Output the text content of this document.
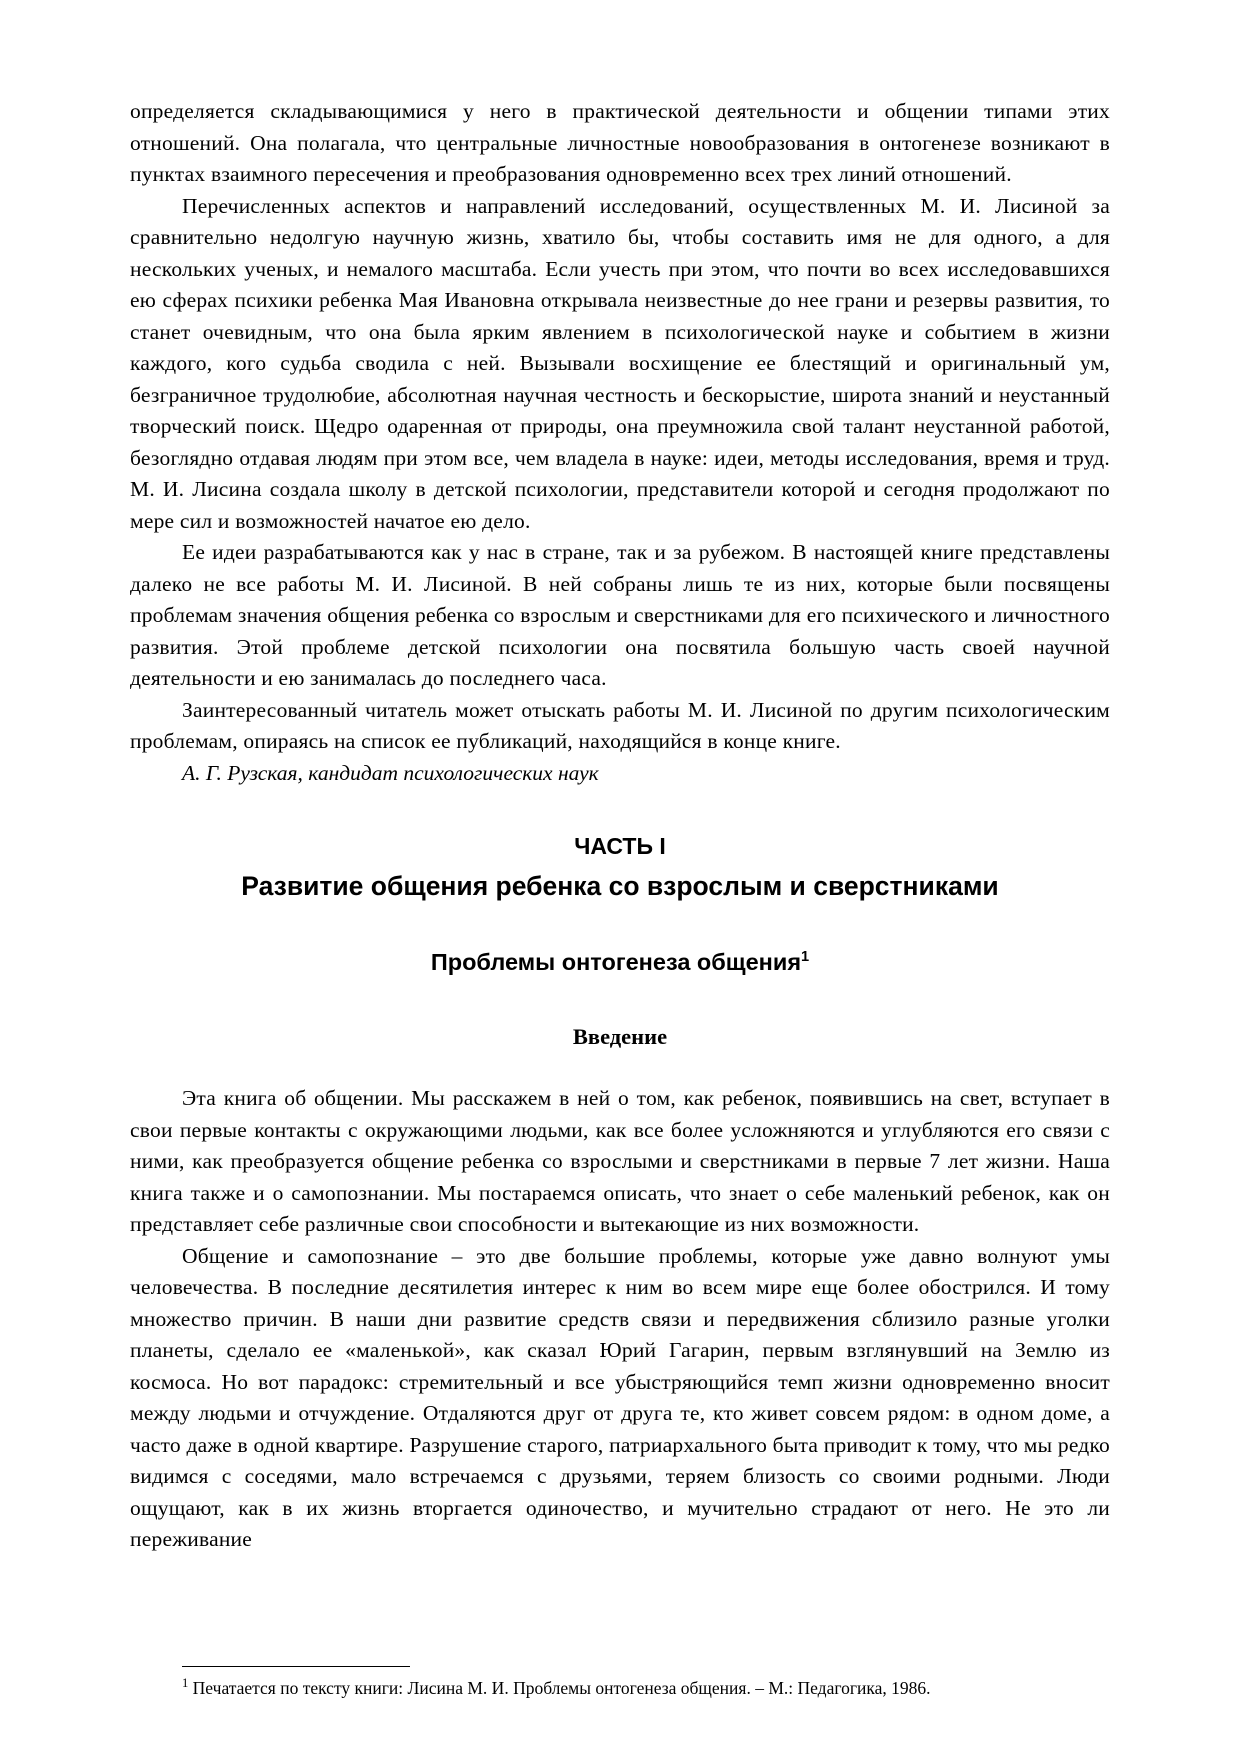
определяется складывающимися у него в практической деятельности и общении типами этих отношений. Она полагала, что центральные личностные новообразования в онтогенезе возникают в пунктах взаимного пересечения и преобразования одновременно всех трех линий отношений.

Перечисленных аспектов и направлений исследований, осуществленных М. И. Лисиной за сравнительно недолгую научную жизнь, хватило бы, чтобы составить имя не для одного, а для нескольких ученых, и немалого масштаба. Если учесть при этом, что почти во всех исследовавшихся ею сферах психики ребенка Мая Ивановна открывала неизвестные до нее грани и резервы развития, то станет очевидным, что она была ярким явлением в психологической науке и событием в жизни каждого, кого судьба сводила с ней. Вызывали восхищение ее блестящий и оригинальный ум, безграничное трудолюбие, абсолютная научная честность и бескорыстие, широта знаний и неустанный творческий поиск. Щедро одаренная от природы, она преумножила свой талант неустанной работой, безоглядно отдавая людям при этом все, чем владела в науке: идеи, методы исследования, время и труд. М. И. Лисина создала школу в детской психологии, представители которой и сегодня продолжают по мере сил и возможностей начатое ею дело.

Ее идеи разрабатываются как у нас в стране, так и за рубежом. В настоящей книге представлены далеко не все работы М. И. Лисиной. В ней собраны лишь те из них, которые были посвящены проблемам значения общения ребенка со взрослым и сверстниками для его психического и личностного развития. Этой проблеме детской психологии она посвятила большую часть своей научной деятельности и ею занималась до последнего часа.

Заинтересованный читатель может отыскать работы М. И. Лисиной по другим психологическим проблемам, опираясь на список ее публикаций, находящийся в конце книге.

А. Г. Рузская, кандидат психологических наук

ЧАСТЬ I
Развитие общения ребенка со взрослым и сверстниками
Проблемы онтогенеза общения$^1$
Введение

Эта книга об общении. Мы расскажем в ней о том, как ребенок, появившись на свет, вступает в свои первые контакты с окружающими людьми, как все более усложняются и углубляются его связи с ними, как преобразуется общение ребенка со взрослыми и сверстниками в первые 7 лет жизни. Наша книга также и о самопознании. Мы постараемся описать, что знает о себе маленький ребенок, как он представляет себе различные свои способности и вытекающие из них возможности.

Общение и самопознание – это две большие проблемы, которые уже давно волнуют умы человечества. В последние десятилетия интерес к ним во всем мире еще более обострился. И тому множество причин. В наши дни развитие средств связи и передвижения сблизило разные уголки планеты, сделало ее «маленькой», как сказал Юрий Гагарин, первым взглянувший на Землю из космоса. Но вот парадокс: стремительный и все убыстряющийся темп жизни одновременно вносит между людьми и отчуждение. Отдаляются друг от друга те, кто живет совсем рядом: в одном доме, а часто даже в одной квартире. Разрушение старого, патриархального быта приводит к тому, что мы редко видимся с соседями, мало встречаемся с друзьями, теряем близость со своими родными. Люди ощущают, как в их жизнь вторгается одиночество, и мучительно страдают от него. Не это ли переживание

$^1$ Печатается по тексту книги: Лисина М. И. Проблемы онтогенеза общения. – М.: Педагогика, 1986.
